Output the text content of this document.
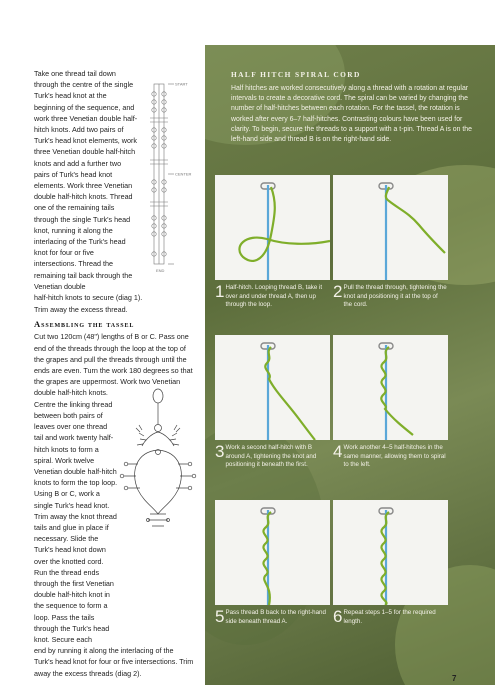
Take one thread tail down through the centre of the single Turk's head knot at the beginning of the sequence, and work three Venetian double half-hitch knots. Add two pairs of Turk's head knot elements, work three Venetian double half-hitch knots and add a further two pairs of Turk's head knot elements. Work three Venetian double half-hitch knots. Thread one of the remaining tails through the single Turk's head knot, running it along the interlacing of the Turk's head knot for four or five intersections. Thread the remaining tail back through the Venetian double

half-hitch knots to secure (diag 1).

Trim away the excess thread.

Assembling the tassel

Cut two 120cm (48") lengths of B or C. Pass one end of the threads through the loop at the top of the grapes and pull the threads through until the ends are even. Turn the work 180 degrees so that the grapes are uppermost. Work two Venetian double half-hitch knots.

Centre the linking thread between both pairs of leaves over one thread tail and work twenty half-hitch knots to form a spiral. Work twelve Venetian double half-hitch knots to form the top loop. Using B or C, work a single Turk's head knot. Trim away the knot thread tails and glue in place if necessary. Slide the Turk's head knot down over the knotted cord. Run the thread ends through the first Venetian double half-hitch knot in the sequence to form a loop. Pass the tails through the Turk's head knot. Secure each

end by running it along the interlacing of the Turk's head knot for four or five intersections. Trim away the excess threads (diag 2).

START
CENTER
END
HALF HITCH SPIRAL CORD

Half hitches are worked consecutively along a thread with a rotation at regular intervals to create a decorative cord. The spiral can be varied by changing the number of half-hitches between each rotation. For the tassel, the rotation is worked after every 6–7 half-hitches. Contrasting colours have been used for clarity. To begin, secure the threads to a support with a t-pin. Thread A is on the left-hand side and thread B is on the right-hand side.

1 Half-hitch. Looping thread B, take it over and under thread A, then up through the loop.
2 Pull the thread through, tightening the knot and positioning it at the top of the cord.
3 Work a second half-hitch with B around A, tightening the knot and positioning it beneath the first.
4 Work another 4–5 half-hitches in the same manner, allowing them to spiral to the left.
5 Pass thread B back to the right-hand side beneath thread A.	6 Repeat steps 1–5 for the required length.
7
